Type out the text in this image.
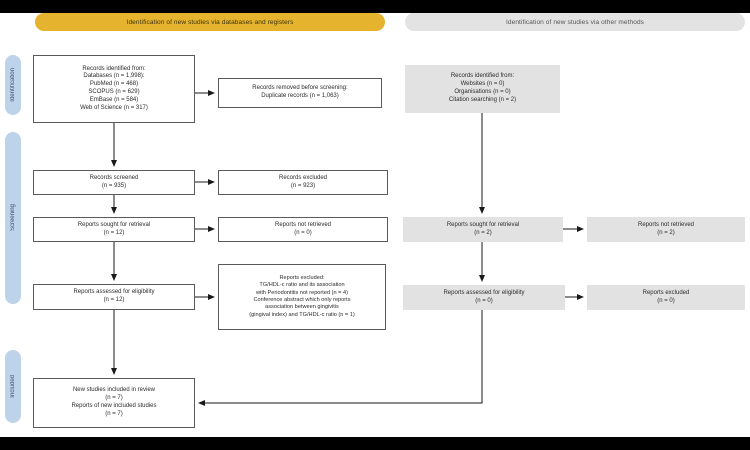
Identification of new studies via databases and registers	Identification of new studies via other methods
Identification
Screening
Included
Records identified from:
Databases (n = 1,998):
PubMed (n = 468)
SCOPUS (n = 629)
EmBase (n = 584)
Web of Science (n = 317)
Records removed before screening:
Duplicate records (n = 1,063)
Records screened
(n = 935)
Records excluded
(n = 923)
Reports sought for retrieval
(n = 12)
Reports not retrieved
(n = 0)
Reports assessed for eligibility
(n = 12)
Reports excluded:
TG/HDL-c ratio and its association
with Periodontitis not reported (n = 4)
Conference abstract which only reports
association between gingivitis
(gingival index) and TG/HDL-c ratio (n = 1)
New studies included in review
(n = 7)
Reports of new included studies
(n = 7)
Records identified from:
Websites (n = 0)
Organisations (n = 0)
Citation searching (n = 2)
Reports sought for retrieval
(n = 2)
Reports not retrieved
(n = 2)
Reports assessed for eligibility
(n = 0)
Reports excluded
(n = 0)
